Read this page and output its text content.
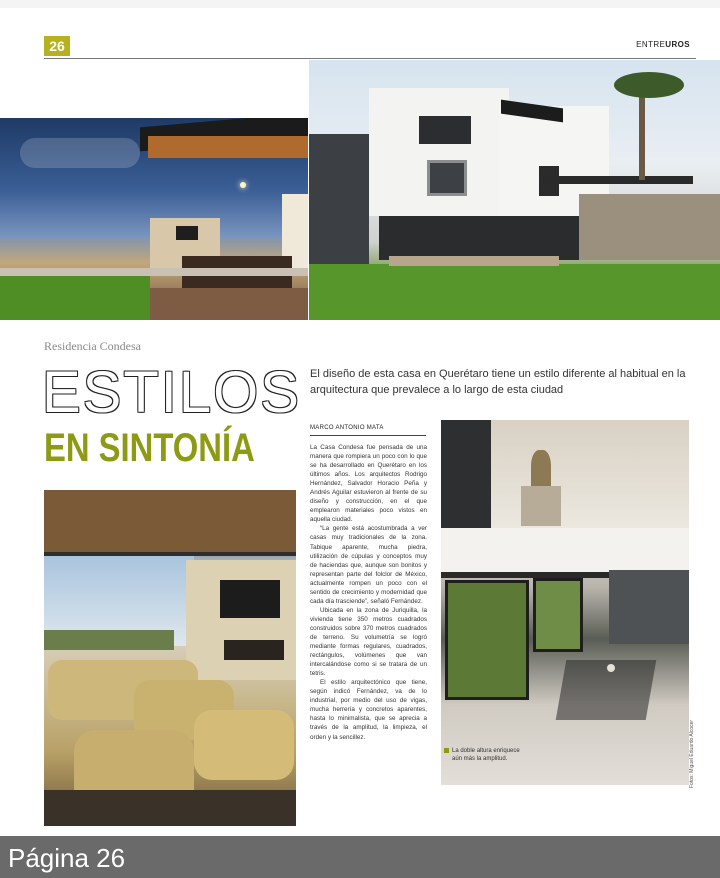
26	ENTREUROS
Residencia Condesa
ESTILOS
EN SINTONÍA
El diseño de esta casa en Querétaro tiene un estilo diferente al habitual en la arquitectura que prevalece a lo largo de esta ciudad
MARCO ANTONIO MATA

La Casa Condesa fue pensada de una manera que rompiera un poco con lo que se ha desarrollado en Querétaro en los últimos años. Los arquitectos Rodrigo Hernández, Salvador Horacio Peña y Andrés Aguilar estuvieron al frente de su diseño y construcción, en el que emplearon materiales poco vistos en aquella ciudad.

“La gente está acostumbrada a ver casas muy tradicionales de la zona. Tabique aparente, mucha piedra, utilización de cúpulas y conceptos muy de haciendas que, aunque son bonitos y representan parte del folclor de México, actualmente rompen un poco con el sentido de crecimiento y modernidad que cada día trasciende”, señaló Fernández.

Ubicada en la zona de Juriquilla, la vivienda tiene 350 metros cuadrados construidos sobre 370 metros cuadrados de terreno. Su volumetría se logró mediante formas regulares, cuadrados, rectángulos, volúmenes que van intercalándose como si se tratara de un tetris.

El estilo arquitectónico que tiene, según indicó Fernández, va de lo industrial, por medio del uso de vigas, mucha herrería y concretos aparentes, hasta lo minimalista, que se aprecia a través de la amplitud, la limpieza, el orden y la sencillez.

La doble altura enriquece aún más la amplitud.	Fotos: Miguel Eduardo Alcocer
Página 26
